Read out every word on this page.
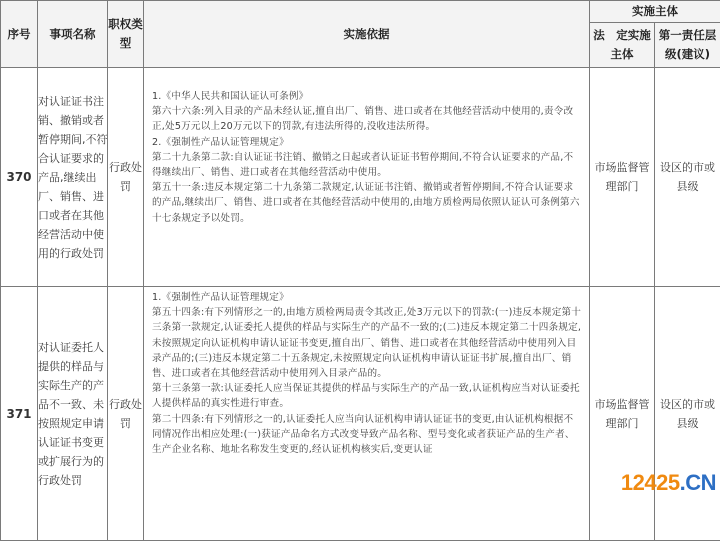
序号	事项名称	职权类型	实施依据	实施主体	
				法　定实施主体	第一责任层级(建议)
370	对认证证书注销、撤销或者暂停期间,不符合认证要求的产品,继续出厂、销售、进口或者在其他经营活动中使用的行政处罚	行政处罚	1.《中华人民共和国认证认可条例》

第六十六条:列入目录的产品未经认证,擅自出厂、销售、进口或者在其他经营活动中使用的,责令改正,处5万元以上20万元以下的罚款,有违法所得的,没收违法所得。

2.《强制性产品认证管理规定》

第二十九条第二款:自认证证书注销、撤销之日起或者认证证书暂停期间,不符合认证要求的产品,不得继续出厂、销售、进口或者在其他经营活动中使用。

第五十一条:违反本规定第二十九条第二款规定,认证证书注销、撤销或者暂停期间,不符合认证要求的产品,继续出厂、销售、进口或者在其他经营活动中使用的,由地方质检两局依照认证认可条例第六十七条规定予以处罚。	市场监督管理部门	设区的市或县级
371	对认证委托人提供的样品与实际生产的产品不一致、未按照规定申请认证证书变更或扩展行为的行政处罚	行政处罚	1.《强制性产品认证管理规定》

第五十四条:有下列情形之一的,由地方质检两局责令其改正,处3万元以下的罚款:(一)违反本规定第十三条第一款规定,认证委托人提供的样品与实际生产的产品不一致的;(二)违反本规定第二十四条规定,未按照规定向认证机构申请认证证书变更,擅自出厂、销售、进口或者在其他经营活动中使用列入目录产品的;(三)违反本规定第二十五条规定,未按照规定向认证机构申请认证证书扩展,擅自出厂、销售、进口或者在其他经营活动中使用列入目录产品的。

第十三条第一款:认证委托人应当保证其提供的样品与实际生产的产品一致,认证机构应当对认证委托人提供样品的真实性进行审查。

第二十四条:有下列情形之一的,认证委托人应当向认证机构申请认证证书的变更,由认证机构根据不同情况作出相应处理:(一)获证产品命名方式改变导致产品名称、型号变化或者获证产品的生产者、生产企业名称、地址名称发生变更的,经认证机构核实后,变更认证	市场监督管理部门	设区的市或县级
12425.CN
